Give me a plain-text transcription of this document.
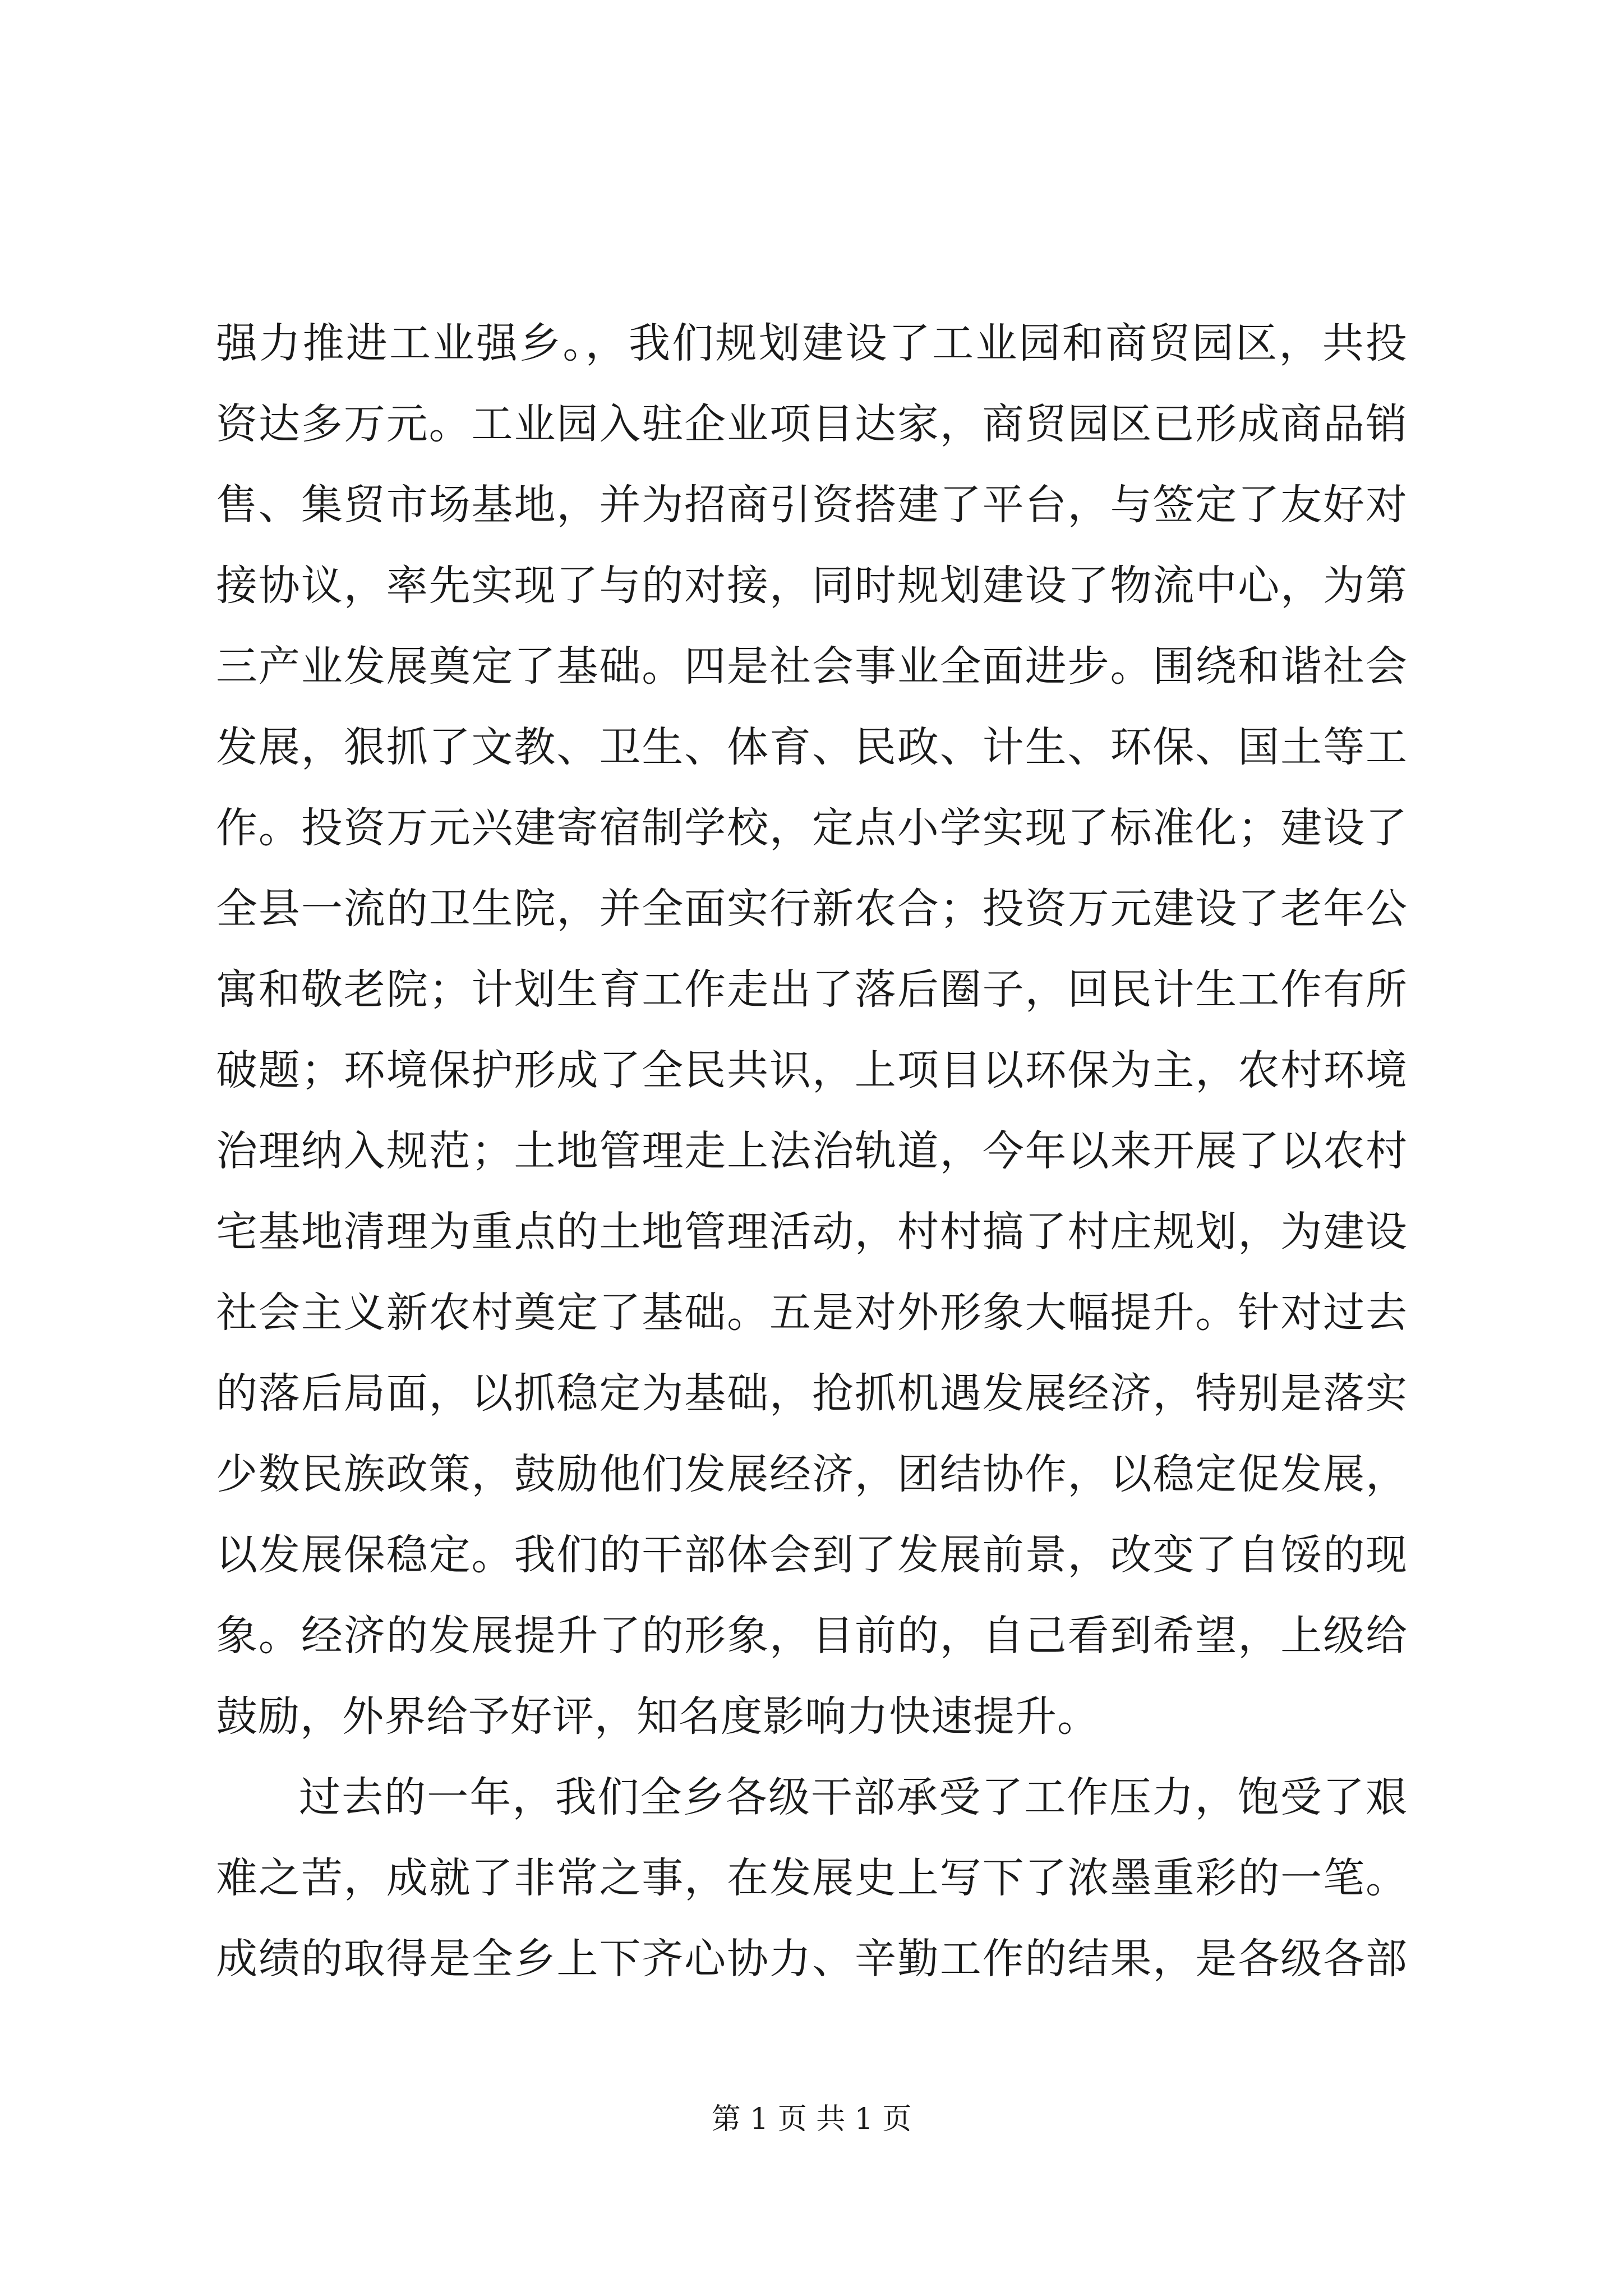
强力推进工业强乡。，我们规划建设了工业园和商贸园区，共投
资达多万元。工业园入驻企业项目达家，商贸园区已形成商品销
售、集贸市场基地，并为招商引资搭建了平台，与签定了友好对
接协议，率先实现了与的对接，同时规划建设了物流中心，为第
三产业发展奠定了基础。四是社会事业全面进步。围绕和谐社会
发展，狠抓了文教、卫生、体育、民政、计生、环保、国土等工
作。投资万元兴建寄宿制学校，定点小学实现了标准化；建设了
全县一流的卫生院，并全面实行新农合；投资万元建设了老年公
寓和敬老院；计划生育工作走出了落后圈子，回民计生工作有所
破题；环境保护形成了全民共识，上项目以环保为主，农村环境
治理纳入规范；土地管理走上法治轨道，今年以来开展了以农村
宅基地清理为重点的土地管理活动，村村搞了村庄规划，为建设
社会主义新农村奠定了基础。五是对外形象大幅提升。针对过去
的落后局面，以抓稳定为基础，抢抓机遇发展经济，特别是落实
少数民族政策，鼓励他们发展经济，团结协作，以稳定促发展，
以发展保稳定。我们的干部体会到了发展前景，改变了自馁的现
象。经济的发展提升了的形象，目前的，自己看到希望，上级给
鼓励，外界给予好评，知名度影响力快速提升。
过去的一年，我们全乡各级干部承受了工作压力，饱受了艰
难之苦，成就了非常之事，在发展史上写下了浓墨重彩的一笔。
成绩的取得是全乡上下齐心协力、辛勤工作的结果，是各级各部
第 1 页 共 1 页
